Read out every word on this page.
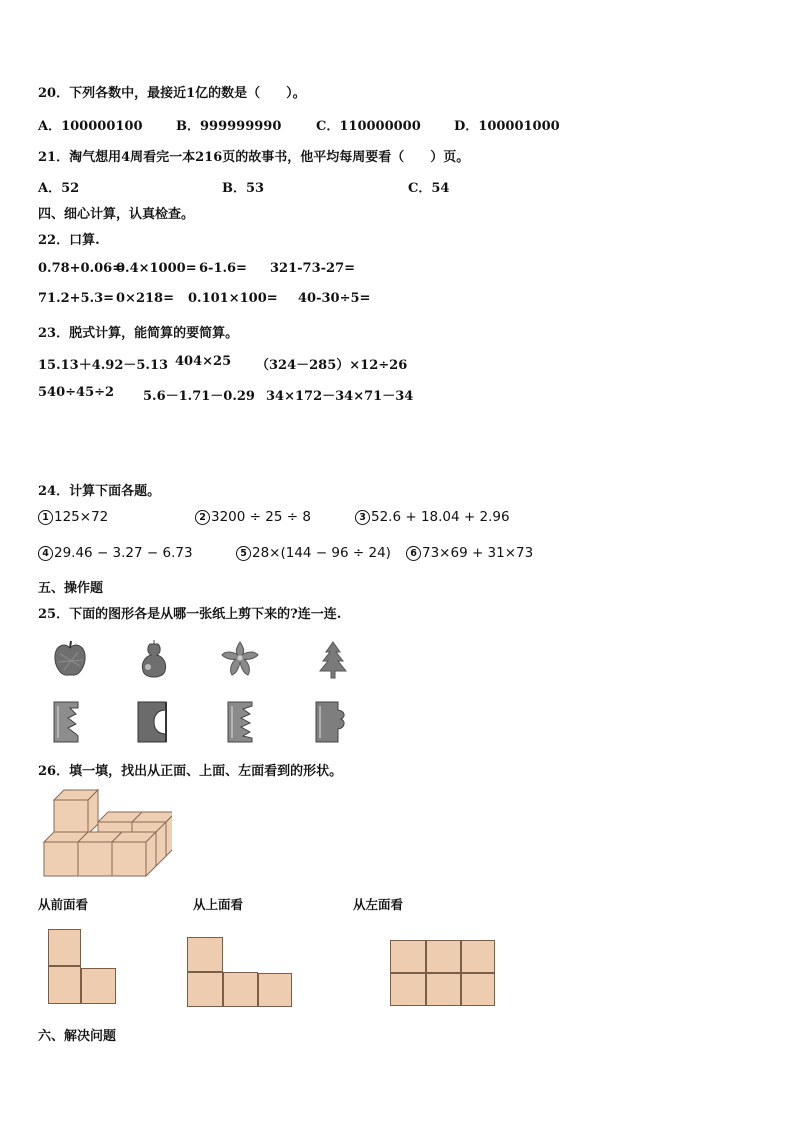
20．下列各数中，最接近1亿的数是（　　）。
A．100000100	B．999999990	C．110000000	D．100001000
21．淘气想用4周看完一本216页的故事书，他平均每周要看（　　）页。
A．52	B．53	C．54
四、细心计算，认真检查。
22．口算.
0.78+0.06=
0.4×1000= 6-1.6= 321-73-27=
71.2+5.3= 0×218= 0.101×100= 40-30÷5=
23．脱式计算，能简算的要简算。
15.13＋4.92－5.13 404×25 （324－285）×12÷26
540÷45÷2 5.6－1.71－0.29 34×172－34×71－34
24．计算下面各题。
1 125×72	2 3200 ÷ 25 ÷ 8	3 52.6 + 18.04 + 2.96
4 29.46 − 3.27 − 6.73	5 28×(144 − 96 ÷ 24)	6 73×69 + 31×73
五、操作题
25．下面的图形各是从哪一张纸上剪下来的?连一连.
26．填一填，找出从正面、上面、左面看到的形状。
从前面看	从上面看	从左面看
六、解决问题
